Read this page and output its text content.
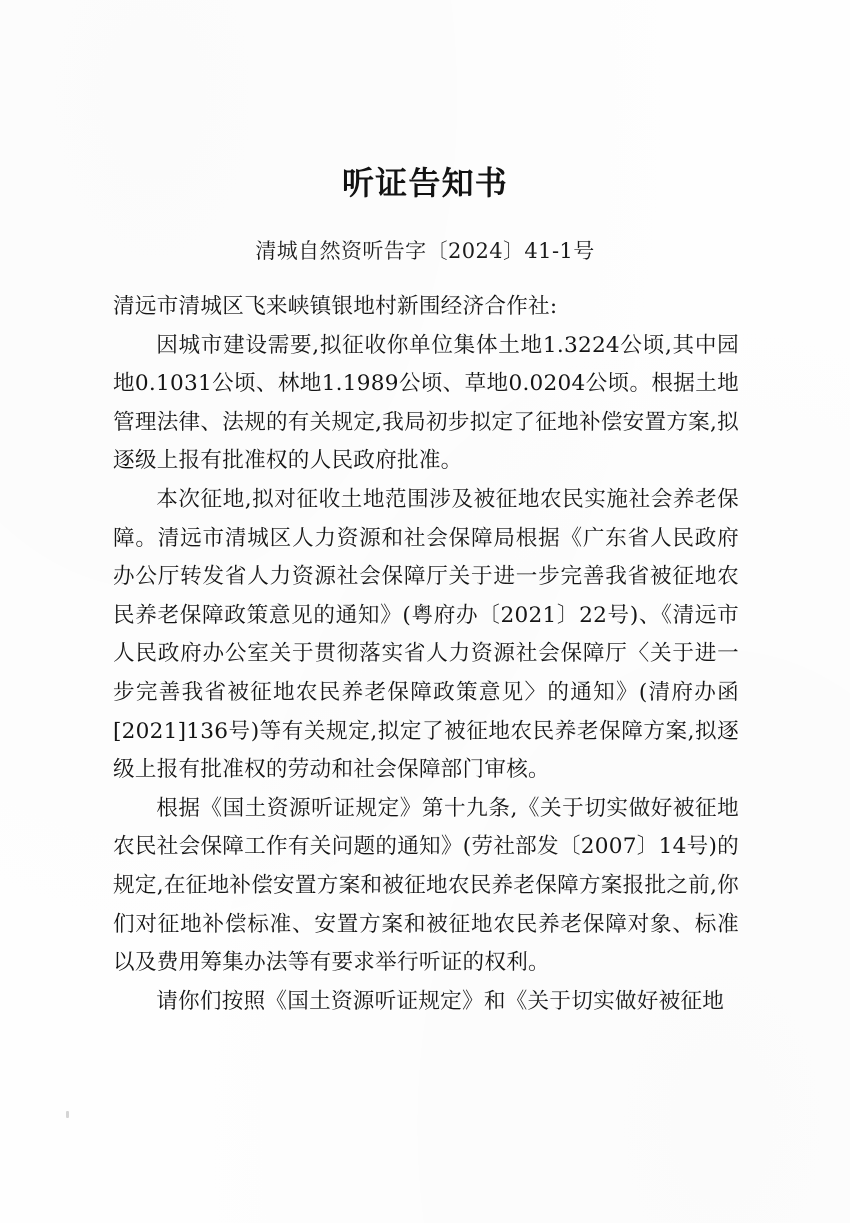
听证告知书
清城自然资听告字〔2024〕41-1号

清远市清城区飞来峡镇银地村新围经济合作社:

因城市建设需要,拟征收你单位集体土地1.3224公顷,其中园地0.1031公顷、林地1.1989公顷、草地0.0204公顷。根据土地管理法律、法规的有关规定,我局初步拟定了征地补偿安置方案,拟逐级上报有批准权的人民政府批准。

本次征地,拟对征收土地范围涉及被征地农民实施社会养老保障。清远市清城区人力资源和社会保障局根据《广东省人民政府办公厅转发省人力资源社会保障厅关于进一步完善我省被征地农民养老保障政策意见的通知》(粤府办〔2021〕22号)、《清远市人民政府办公室关于贯彻落实省人力资源社会保障厅〈关于进一步完善我省被征地农民养老保障政策意见〉的通知》(清府办函[2021]136号)等有关规定,拟定了被征地农民养老保障方案,拟逐级上报有批准权的劳动和社会保障部门审核。

根据《国土资源听证规定》第十九条,《关于切实做好被征地农民社会保障工作有关问题的通知》(劳社部发〔2007〕14号)的规定,在征地补偿安置方案和被征地农民养老保障方案报批之前,你们对征地补偿标准、安置方案和被征地农民养老保障对象、标准以及费用筹集办法等有要求举行听证的权利。

请你们按照《国土资源听证规定》和《关于切实做好被征地
